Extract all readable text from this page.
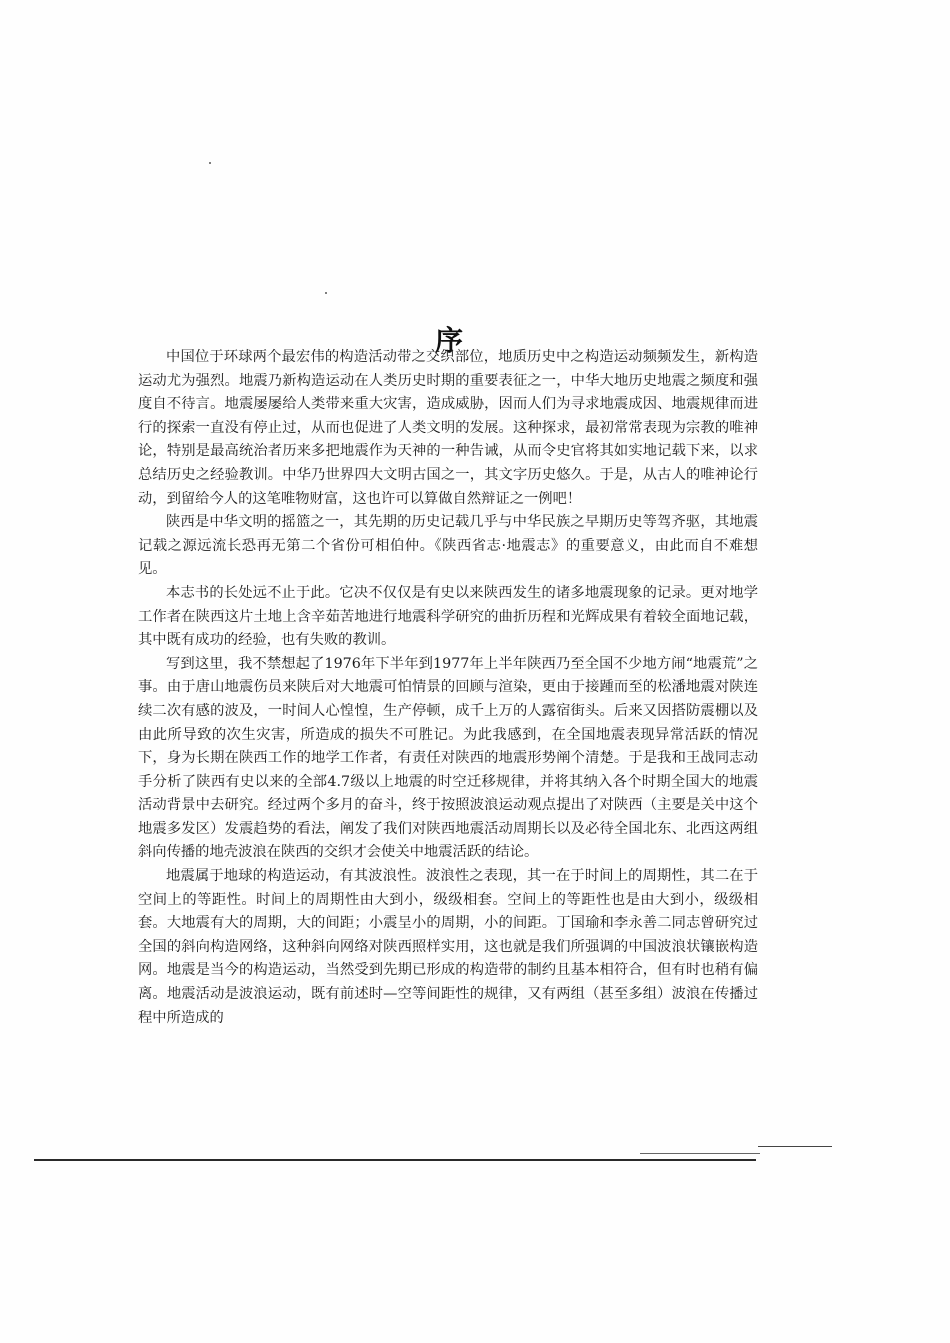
序

中国位于环球两个最宏伟的构造活动带之交织部位，地质历史中之构造运动频频发生，新构造运动尤为强烈。地震乃新构造运动在人类历史时期的重要表征之一，中华大地历史地震之频度和强度自不待言。地震屡屡给人类带来重大灾害，造成威胁，因而人们为寻求地震成因、地震规律而进行的探索一直没有停止过，从而也促进了人类文明的发展。这种探求，最初常常表现为宗教的唯神论，特别是最高统治者历来多把地震作为天神的一种告诫，从而令史官将其如实地记载下来，以求总结历史之经验教训。中华乃世界四大文明古国之一，其文字历史悠久。于是，从古人的唯神论行动，到留给今人的这笔唯物财富，这也许可以算做自然辩证之一例吧！

陕西是中华文明的摇篮之一，其先期的历史记载几乎与中华民族之早期历史等驾齐驱，其地震记载之源远流长恐再无第二个省份可相伯仲。《陕西省志·地震志》的重要意义，由此而自不难想见。

本志书的长处远不止于此。它决不仅仅是有史以来陕西发生的诸多地震现象的记录。更对地学工作者在陕西这片土地上含辛茹苦地进行地震科学研究的曲折历程和光辉成果有着较全面地记载，其中既有成功的经验，也有失败的教训。

写到这里，我不禁想起了1976年下半年到1977年上半年陕西乃至全国不少地方闹“地震荒”之事。由于唐山地震伤员来陕后对大地震可怕情景的回顾与渲染，更由于接踵而至的松潘地震对陕连续二次有感的波及，一时间人心惶惶，生产停顿，成千上万的人露宿街头。后来又因搭防震棚以及由此所导致的次生灾害，所造成的损失不可胜记。为此我感到，在全国地震表现异常活跃的情况下，身为长期在陕西工作的地学工作者，有责任对陕西的地震形势阐个清楚。于是我和王战同志动手分析了陕西有史以来的全部4.7级以上地震的时空迁移规律，并将其纳入各个时期全国大的地震活动背景中去研究。经过两个多月的奋斗，终于按照波浪运动观点提出了对陕西（主要是关中这个地震多发区）发震趋势的看法，阐发了我们对陕西地震活动周期长以及必待全国北东、北西这两组斜向传播的地壳波浪在陕西的交织才会使关中地震活跃的结论。

地震属于地球的构造运动，有其波浪性。波浪性之表现，其一在于时间上的周期性，其二在于空间上的等距性。时间上的周期性由大到小，级级相套。空间上的等距性也是由大到小，级级相套。大地震有大的周期，大的间距；小震呈小的周期，小的间距。丁国瑜和李永善二同志曾研究过全国的斜向构造网络，这种斜向网络对陕西照样实用，这也就是我们所强调的中国波浪状镶嵌构造网。地震是当今的构造运动，当然受到先期已形成的构造带的制约且基本相符合，但有时也稍有偏离。地震活动是波浪运动，既有前述时—空等间距性的规律，又有两组（甚至多组）波浪在传播过程中所造成的
